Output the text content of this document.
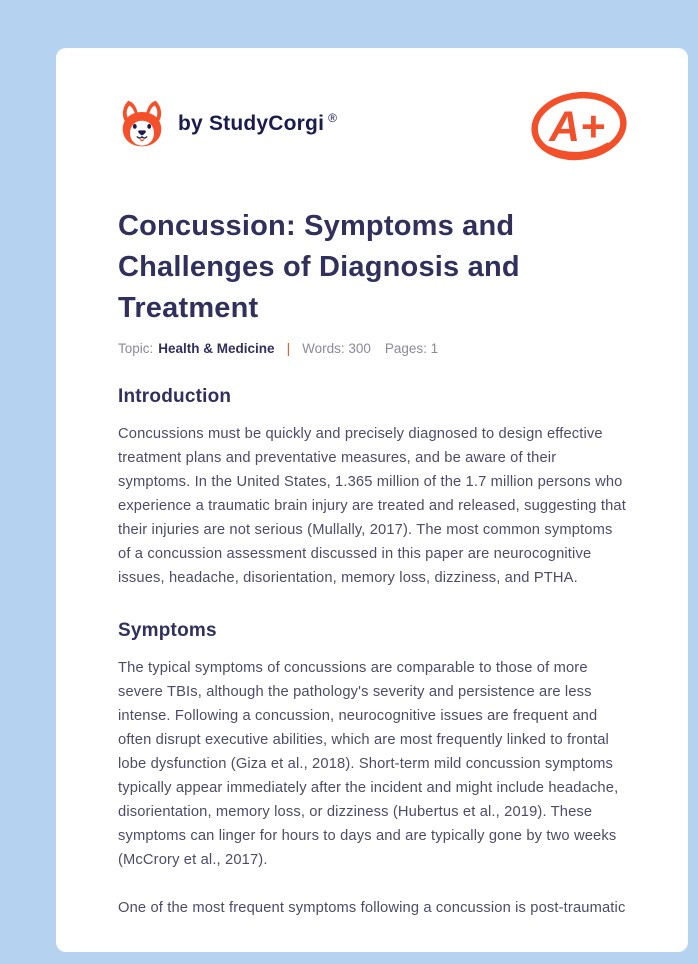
by StudyCorgi ®	A+
Concussion: Symptoms and Challenges of Diagnosis and Treatment
Topic: Health & Medicine | Words: 300 Pages: 1
Introduction

Concussions must be quickly and precisely diagnosed to design effective treatment plans and preventative measures, and be aware of their symptoms. In the United States, 1.365 million of the 1.7 million persons who experience a traumatic brain injury are treated and released, suggesting that their injuries are not serious (Mullally, 2017). The most common symptoms of a concussion assessment discussed in this paper are neurocognitive issues, headache, disorientation, memory loss, dizziness, and PTHA.

Symptoms

The typical symptoms of concussions are comparable to those of more severe TBIs, although the pathology's severity and persistence are less intense. Following a concussion, neurocognitive issues are frequent and often disrupt executive abilities, which are most frequently linked to frontal lobe dysfunction (Giza et al., 2018). Short-term mild concussion symptoms typically appear immediately after the incident and might include headache, disorientation, memory loss, or dizziness (Hubertus et al., 2019). These symptoms can linger for hours to days and are typically gone by two weeks (McCrory et al., 2017).

One of the most frequent symptoms following a concussion is post-traumatic
